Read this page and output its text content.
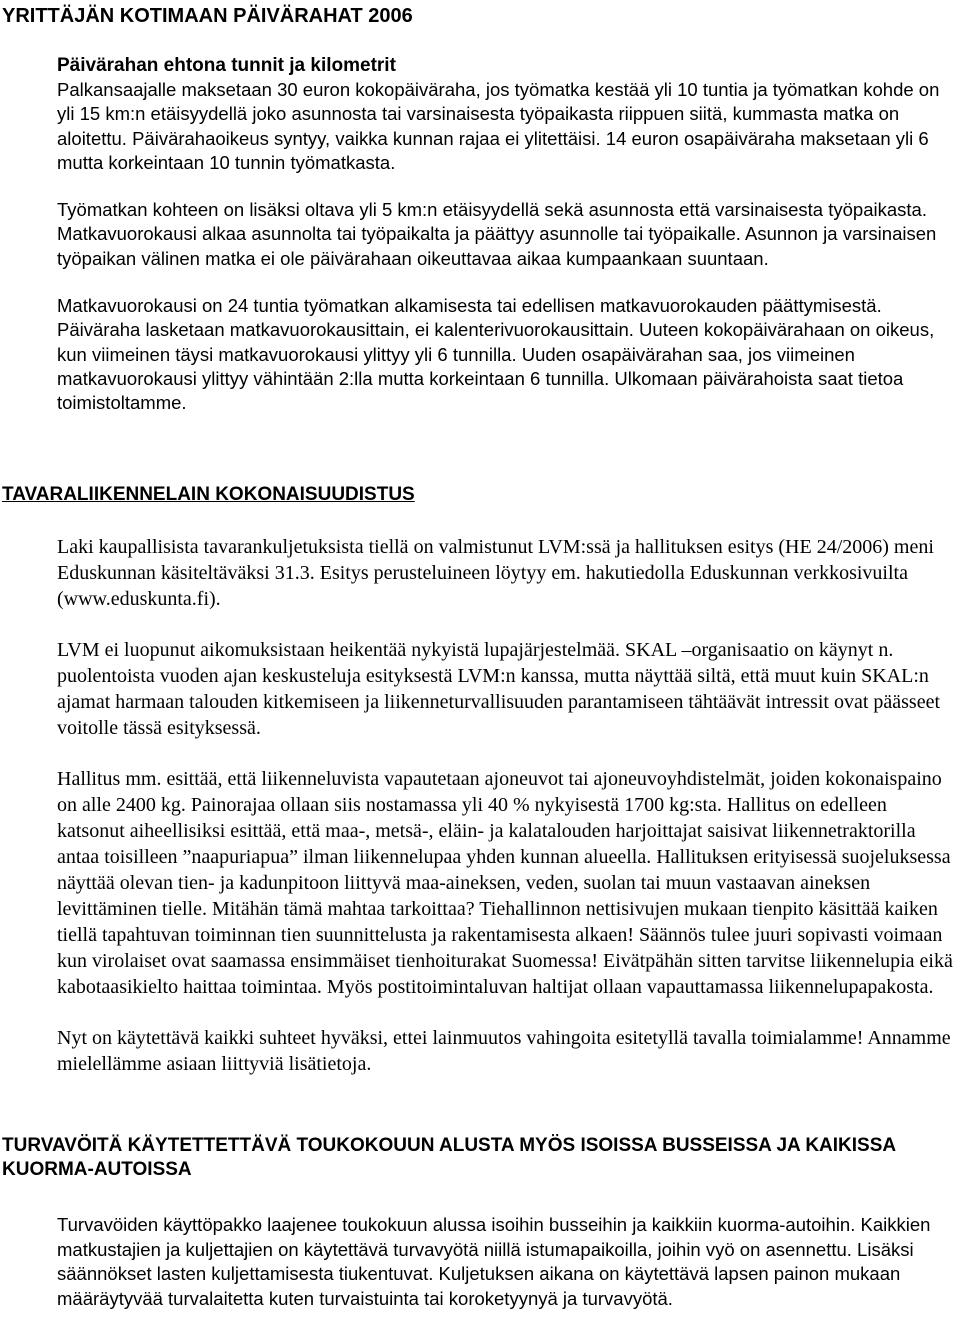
YRITTÄJÄN KOTIMAAN PÄIVÄRAHAT 2006
Päivärahan ehtona tunnit ja kilometrit

Palkansaajalle maksetaan 30 euron kokopäiväraha, jos työmatka kestää yli 10 tuntia ja työmatkan kohde on yli 15 km:n etäisyydellä joko asunnosta tai varsinaisesta työpaikasta riippuen siitä, kummasta matka on aloitettu. Päivärahaoikeus syntyy, vaikka kunnan rajaa ei ylitettäisi. 14 euron osapäiväraha maksetaan yli 6 mutta korkeintaan 10 tunnin työmatkasta.

Työmatkan kohteen on lisäksi oltava yli 5 km:n etäisyydellä sekä asunnosta että varsinaisesta työpaikasta. Matkavuorokausi alkaa asunnolta tai työpaikalta ja päättyy asunnolle tai työpaikalle. Asunnon ja varsinaisen työpaikan välinen matka ei ole päivärahaan oikeuttavaa aikaa kumpaankaan suuntaan.

Matkavuorokausi on 24 tuntia työmatkan alkamisesta tai edellisen matkavuorokauden päättymisestä. Päiväraha lasketaan matkavuorokausittain, ei kalenterivuorokausittain. Uuteen kokopäivärahaan on oikeus, kun viimeinen täysi matkavuorokausi ylittyy yli 6 tunnilla. Uuden osapäivärahan saa, jos viimeinen matkavuorokausi ylittyy vähintään 2:lla mutta korkeintaan 6 tunnilla. Ulkomaan päivärahoista saat tietoa toimistoltamme.

TAVARALIIKENNELAIN KOKONAISUUDISTUS

Laki kaupallisista tavarankuljetuksista tiellä on valmistunut LVM:ssä ja hallituksen esitys (HE 24/2006) meni Eduskunnan käsiteltäväksi 31.3. Esitys perusteluineen löytyy em. hakutiedolla Eduskunnan verkkosivuilta (www.eduskunta.fi).

LVM ei luopunut aikomuksistaan heikentää nykyistä lupajärjestelmää. SKAL –organisaatio on käynyt n. puolentoista vuoden ajan keskusteluja esityksestä LVM:n kanssa, mutta näyttää siltä, että muut kuin SKAL:n ajamat harmaan talouden kitkemiseen ja liikenneturvallisuuden parantamiseen tähtäävät intressit ovat päässeet voitolle tässä esityksessä.

Hallitus mm. esittää, että liikenneluvista vapautetaan ajoneuvot tai ajoneuvoyhdistelmät, joiden kokonaispaino on alle 2400 kg. Painorajaa ollaan siis nostamassa yli 40 % nykyisestä 1700 kg:sta. Hallitus on edelleen katsonut aiheellisiksi esittää, että maa-, metsä-, eläin- ja kalatalouden harjoittajat saisivat liikennetraktorilla antaa toisilleen ”naapuriapua” ilman liikennelupaa yhden kunnan alueella. Hallituksen erityisessä suojeluksessa näyttää olevan tien- ja kadunpitoon liittyvä maa-aineksen, veden, suolan tai muun vastaavan aineksen levittäminen tielle. Mitähän tämä mahtaa tarkoittaa? Tiehallinnon nettisivujen mukaan tienpito käsittää kaiken tiellä tapahtuvan toiminnan tien suunnittelusta ja rakentamisesta alkaen! Säännös tulee juuri sopivasti voimaan kun virolaiset ovat saamassa ensimmäiset tienhoiturakat Suomessa! Eivätpähän sitten tarvitse liikennelupia eikä kabotaasikielto haittaa toimintaa. Myös postitoimintaluvan haltijat ollaan vapauttamassa liikennelupapakosta.

Nyt on käytettävä kaikki suhteet hyväksi, ettei lainmuutos vahingoita esitetyllä tavalla toimialamme! Annamme mielellämme asiaan liittyviä lisätietoja.

TURVAVÖITÄ KÄYTETTETTÄVÄ TOUKOKOUUN ALUSTA MYÖS ISOISSA BUSSEISSA JA KAIKISSA KUORMA-AUTOISSA

Turvavöiden käyttöpakko laajenee toukokuun alussa isoihin busseihin ja kaikkiin kuorma-autoihin. Kaikkien matkustajien ja kuljettajien on käytettävä turvavyötä niillä istumapaikoilla, joihin vyö on asennettu. Lisäksi säännökset lasten kuljettamisesta tiukentuvat. Kuljetuksen aikana on käytettävä lapsen painon mukaan määräytyvää turvalaitetta kuten turvaistuinta tai koroketyynyä ja turvavyötä.
